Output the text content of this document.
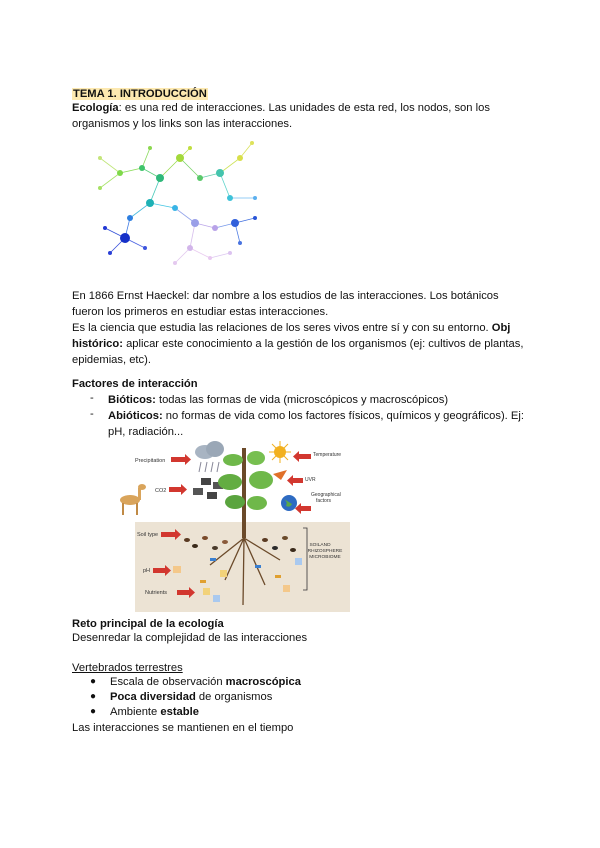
TEMA 1. INTRODUCCIÓN
Ecología: es una red de interacciones. Las unidades de esta red, los nodos, son los
organismos y los links son las interacciones.
En 1866 Ernst Haeckel: dar nombre a los estudios de las interacciones. Los botánicos
fueron los primeros en estudiar estas interacciones.
Es la ciencia que estudia las relaciones de los seres vivos entre sí y con su entorno. Obj
histórico: aplicar este conocimiento a la gestión de los organismos (ej: cultivos de plantas,
epidemias, etc).
Factores de interacción
- Bióticos: todas las formas de vida (microscópicos y macroscópicos)
- Abióticos: no formas de vida como los factores físicos, químicos y geográficos). Ej:
pH, radiación...
Precipitation
CO2
Temperature
UVR
Geographical
factors
Soil type
pH
Nutrients
SOILAND
RHIZOSPHERE
MICROBIOME
Reto principal de la ecología
Desenredar la complejidad de las interacciones
Vertebrados terrestres
● Escala de observación macroscópica
● Poca diversidad de organismos
● Ambiente estable
Las interacciones se mantienen en el tiempo
